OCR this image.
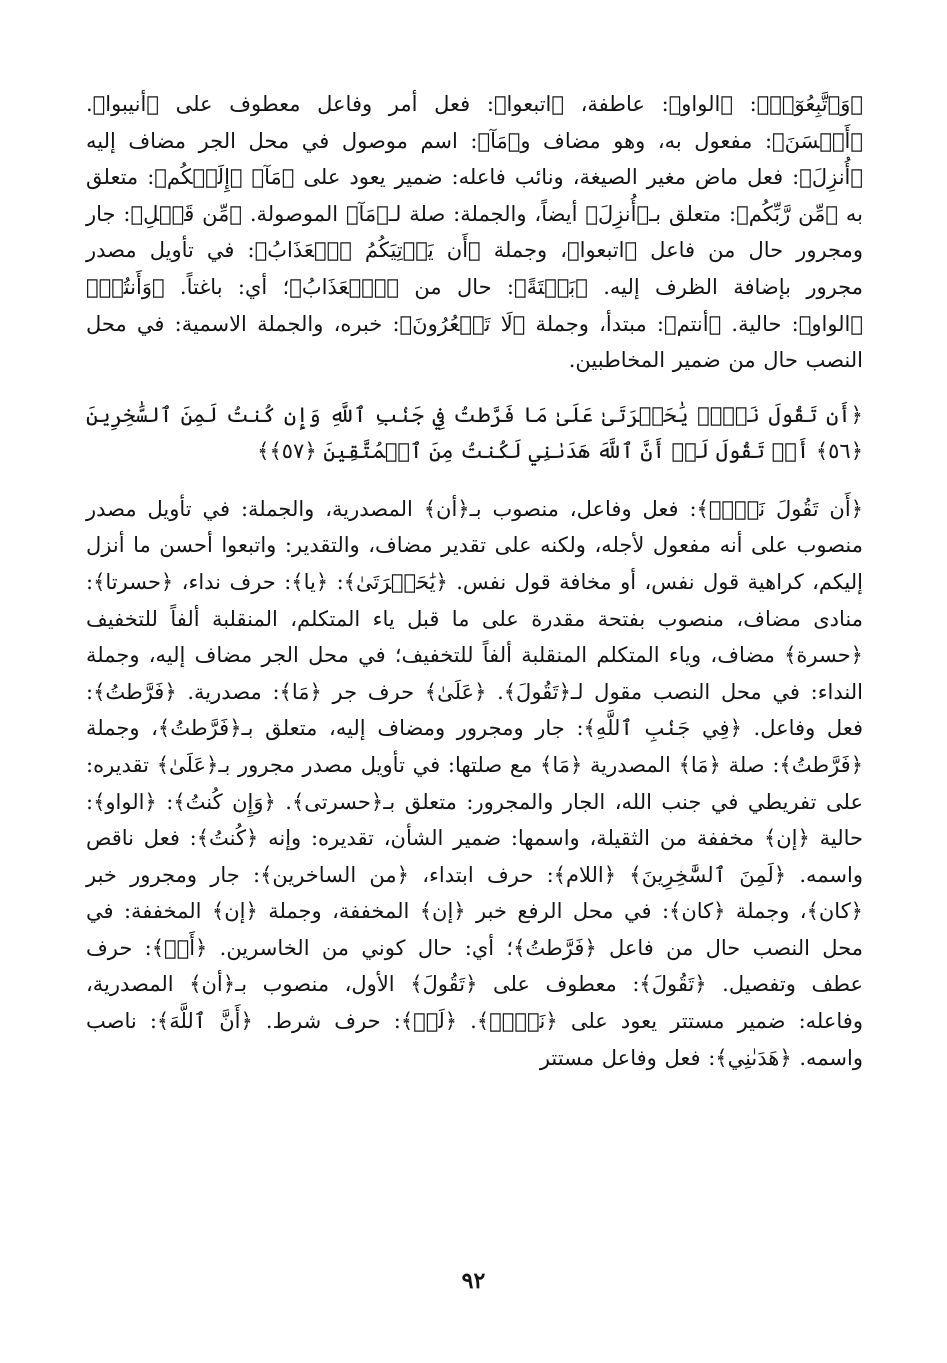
﴿وَٱتَّبِعُوٓا۟﴾: ﴿الواو﴾: عاطفة، ﴿اتبعوا﴾: فعل أمر وفاعل معطوف على ﴿أنيبوا﴾. ﴿أَحۡسَنَ﴾: مفعول به، وهو مضاف و﴿مَآ﴾: اسم موصول في محل الجر مضاف إليه ﴿أُنزِلَ﴾: فعل ماض مغير الصيغة، ونائب فاعله: ضمير يعود على ﴿مَآ﴾ ﴿إِلَيۡكُم﴾: متعلق به ﴿مِّن رَّبِّكُم﴾: متعلق بـ﴿أُنزِلَ﴾ أيضاً، والجملة: صلة لـ﴿مَآ﴾ الموصولة. ﴿مِّن قَبۡلِ﴾: جار ومجرور حال من فاعل ﴿اتبعوا﴾، وجملة ﴿أَن يَأۡتِيَكُمُ ٱلۡعَذَابُ﴾: في تأويل مصدر مجرور بإضافة الظرف إليه. ﴿بَغۡتَةً﴾: حال من ﴿ٱلۡعَذَابُ﴾؛ أي: باغتاً. ﴿وَأَنتُمۡ﴾ ﴿الواو﴾: حالية. ﴿أنتم﴾: مبتدأ، وجملة ﴿لَا تَشۡعُرُونَ﴾: خبره، والجملة الاسمية: في محل النصب حال من ضمير المخاطبين.

﴿أَن تَقُولَ نَفۡسٞ يَٰحَسۡرَتَىٰ عَلَىٰ مَا فَرَّطتُ فِي جَنۢبِ ٱللَّهِ وَإِن كُنتُ لَمِنَ ٱلسَّٰخِرِينَ ﴿٥٦﴾ أَوۡ تَقُولَ لَوۡ أَنَّ ٱللَّهَ هَدَىٰنِي لَكُنتُ مِنَ ٱلۡمُتَّقِينَ ﴿٥٧﴾﴾

﴿أَن تَقُولَ نَفۡسٞ﴾: فعل وفاعل، منصوب بـ﴿أن﴾ المصدرية، والجملة: في تأويل مصدر منصوب على أنه مفعول لأجله، ولكنه على تقدير مضاف، والتقدير: واتبعوا أحسن ما أنزل إليكم، كراهية قول نفس، أو مخافة قول نفس. ﴿يَٰحَسۡرَتَىٰ﴾: ﴿يا﴾: حرف نداء، ﴿حسرتا﴾: منادى مضاف، منصوب بفتحة مقدرة على ما قبل ياء المتكلم، المنقلبة ألفاً للتخفيف ﴿حسرة﴾ مضاف، وياء المتكلم المنقلبة ألفاً للتخفيف؛ في محل الجر مضاف إليه، وجملة النداء: في محل النصب مقول لـ﴿تَقُولَ﴾. ﴿عَلَىٰ﴾ حرف جر ﴿مَا﴾: مصدرية. ﴿فَرَّطتُ﴾: فعل وفاعل. ﴿فِي جَنۢبِ ٱللَّهِ﴾: جار ومجرور ومضاف إليه، متعلق بـ﴿فَرَّطتُ﴾، وجملة ﴿فَرَّطتُ﴾: صلة ﴿مَا﴾ المصدرية ﴿مَا﴾ مع صلتها: في تأويل مصدر مجرور بـ﴿عَلَىٰ﴾ تقديره: على تفريطي في جنب الله، الجار والمجرور: متعلق بـ﴿حسرتى﴾. ﴿وَإِن كُنتُ﴾: ﴿الواو﴾: حالية ﴿إن﴾ مخففة من الثقيلة، واسمها: ضمير الشأن، تقديره: وإنه ﴿كُنتُ﴾: فعل ناقص واسمه. ﴿لَمِنَ ٱلسَّٰخِرِينَ﴾ ﴿اللام﴾: حرف ابتداء، ﴿من الساخرين﴾: جار ومجرور خبر ﴿كان﴾، وجملة ﴿كان﴾: في محل الرفع خبر ﴿إن﴾ المخففة، وجملة ﴿إن﴾ المخففة: في محل النصب حال من فاعل ﴿فَرَّطتُ﴾؛ أي: حال كوني من الخاسرين. ﴿أَوۡ﴾: حرف عطف وتفصيل. ﴿تَقُولَ﴾: معطوف على ﴿تَقُولَ﴾ الأول، منصوب بـ﴿أن﴾ المصدرية، وفاعله: ضمير مستتر يعود على ﴿نَفۡسٞ﴾. ﴿لَوۡ﴾: حرف شرط. ﴿أَنَّ ٱللَّهَ﴾: ناصب واسمه. ﴿هَدَىٰنِي﴾: فعل وفاعل مستتر

٩٢
